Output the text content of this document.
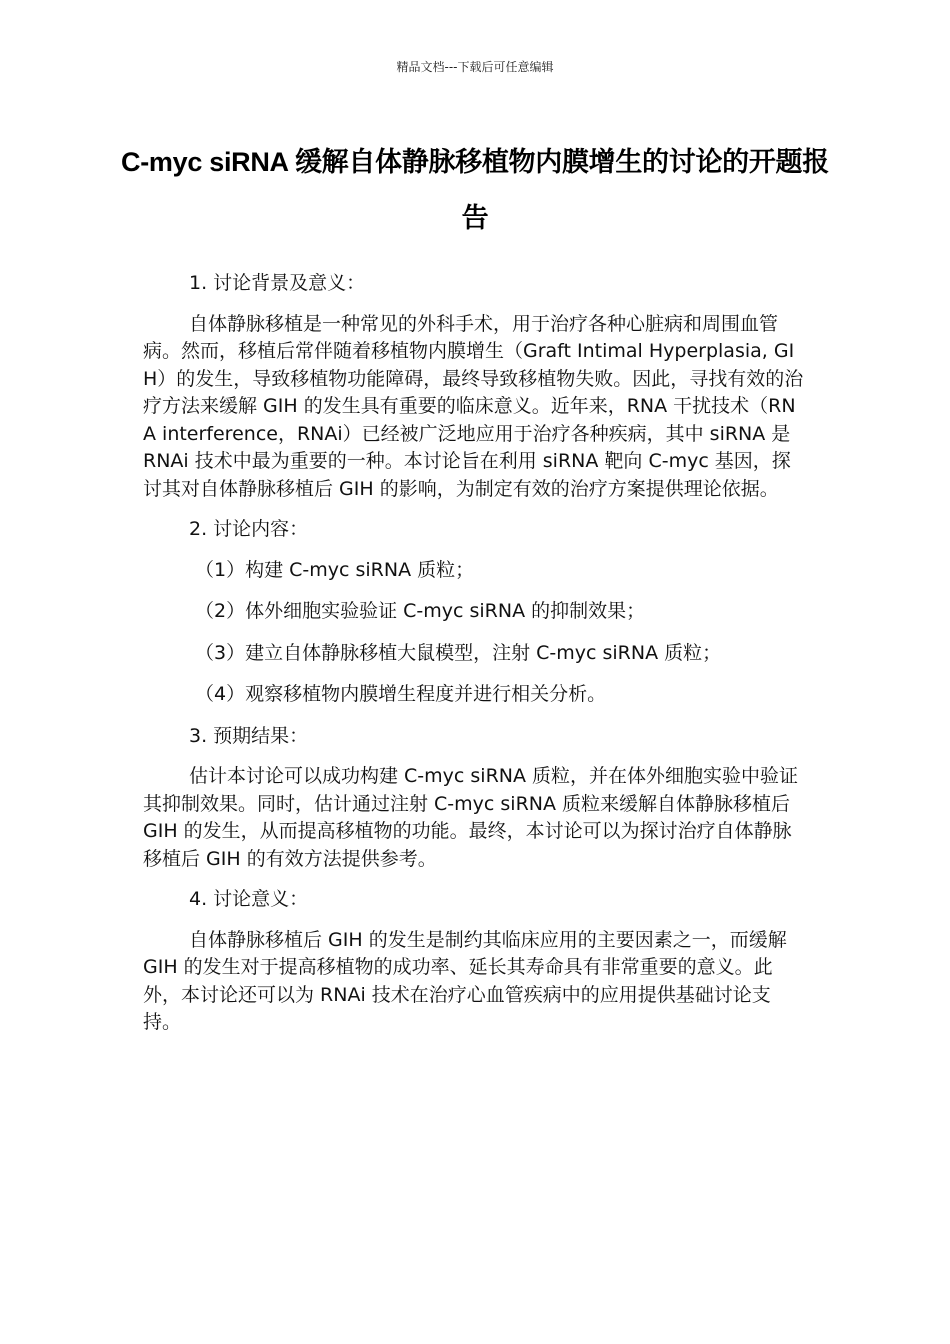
精品文档---下载后可任意编辑
C-myc siRNA 缓解自体静脉移植物内膜增生的讨论的开题报告

1. 讨论背景及意义：

自体静脉移植是一种常见的外科手术，用于治疗各种心脏病和周围血管病。然而，移植后常伴随着移植物内膜增生（Graft Intimal Hyperplasia, GIH）的发生，导致移植物功能障碍，最终导致移植物失败。因此，寻找有效的治疗方法来缓解 GIH 的发生具有重要的临床意义。近年来，RNA 干扰技术（RNA interference，RNAi）已经被广泛地应用于治疗各种疾病，其中 siRNA 是 RNAi 技术中最为重要的一种。本讨论旨在利用 siRNA 靶向 C-myc 基因，探讨其对自体静脉移植后 GIH 的影响，为制定有效的治疗方案提供理论依据。

2. 讨论内容：

（1）构建 C-myc siRNA 质粒；

（2）体外细胞实验验证 C-myc siRNA 的抑制效果；

（3）建立自体静脉移植大鼠模型，注射 C-myc siRNA 质粒；

（4）观察移植物内膜增生程度并进行相关分析。

3. 预期结果：

估计本讨论可以成功构建 C-myc siRNA 质粒，并在体外细胞实验中验证其抑制效果。同时，估计通过注射 C-myc siRNA 质粒来缓解自体静脉移植后 GIH 的发生，从而提高移植物的功能。最终，本讨论可以为探讨治疗自体静脉移植后 GIH 的有效方法提供参考。

4. 讨论意义：

自体静脉移植后 GIH 的发生是制约其临床应用的主要因素之一，而缓解 GIH 的发生对于提高移植物的成功率、延长其寿命具有非常重要的意义。此外，本讨论还可以为 RNAi 技术在治疗心血管疾病中的应用提供基础讨论支持。
